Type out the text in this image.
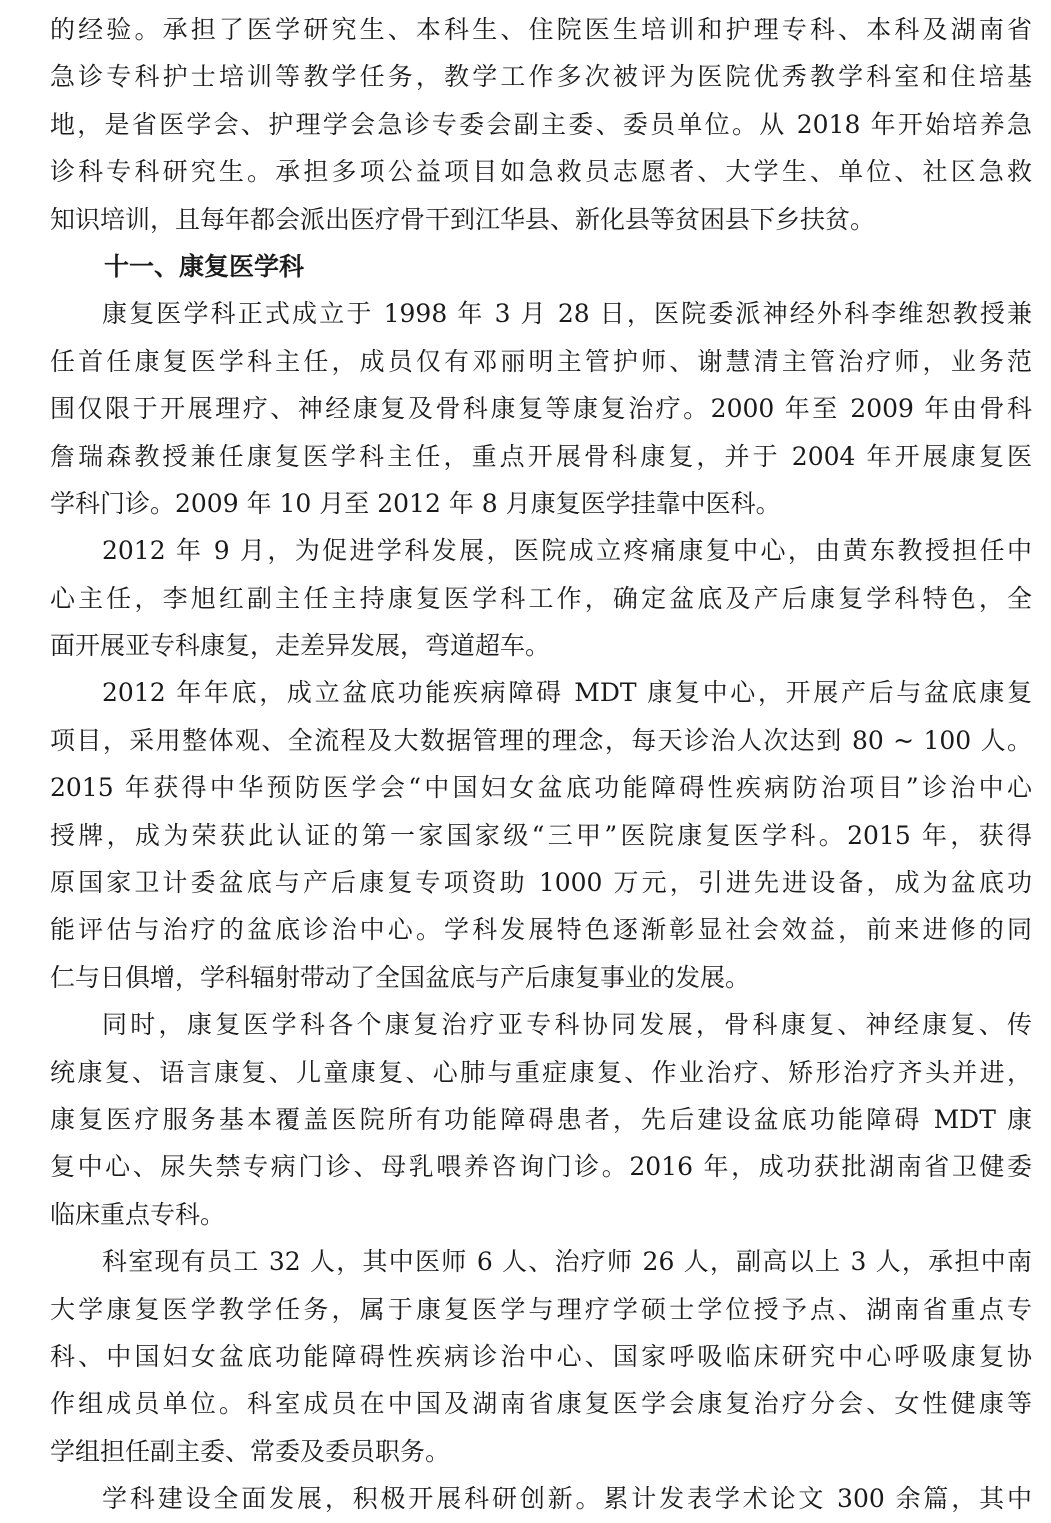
的经验。承担了医学研究生、本科生、住院医生培训和护理专科、本科及湖南省
急诊专科护士培训等教学任务，教学工作多次被评为医院优秀教学科室和住培基
地，是省医学会、护理学会急诊专委会副主委、委员单位。从 2018 年开始培养急
诊科专科研究生。承担多项公益项目如急救员志愿者、大学生、单位、社区急救
知识培训，且每年都会派出医疗骨干到江华县、新化县等贫困县下乡扶贫。
十一、康复医学科
康复医学科正式成立于 1998 年 3 月 28 日，医院委派神经外科李维恕教授兼
任首任康复医学科主任，成员仅有邓丽明主管护师、谢慧清主管治疗师，业务范
围仅限于开展理疗、神经康复及骨科康复等康复治疗。2000 年至 2009 年由骨科
詹瑞森教授兼任康复医学科主任，重点开展骨科康复，并于 2004 年开展康复医
学科门诊。2009 年 10 月至 2012 年 8 月康复医学挂靠中医科。
2012 年 9 月，为促进学科发展，医院成立疼痛康复中心，由黄东教授担任中
心主任，李旭红副主任主持康复医学科工作，确定盆底及产后康复学科特色，全
面开展亚专科康复，走差异发展，弯道超车。
2012 年年底，成立盆底功能疾病障碍 MDT 康复中心，开展产后与盆底康复
项目，采用整体观、全流程及大数据管理的理念，每天诊治人次达到 80 ~ 100 人。
2015 年获得中华预防医学会“中国妇女盆底功能障碍性疾病防治项目”诊治中心
授牌，成为荣获此认证的第一家国家级“三甲”医院康复医学科。2015 年，获得
原国家卫计委盆底与产后康复专项资助 1000 万元，引进先进设备，成为盆底功
能评估与治疗的盆底诊治中心。学科发展特色逐渐彰显社会效益，前来进修的同
仁与日俱增，学科辐射带动了全国盆底与产后康复事业的发展。
同时，康复医学科各个康复治疗亚专科协同发展，骨科康复、神经康复、传
统康复、语言康复、儿童康复、心肺与重症康复、作业治疗、矫形治疗齐头并进，
康复医疗服务基本覆盖医院所有功能障碍患者，先后建设盆底功能障碍 MDT 康
复中心、尿失禁专病门诊、母乳喂养咨询门诊。2016 年，成功获批湖南省卫健委
临床重点专科。
科室现有员工 32 人，其中医师 6 人、治疗师 26 人，副高以上 3 人，承担中南
大学康复医学教学任务，属于康复医学与理疗学硕士学位授予点、湖南省重点专
科、中国妇女盆底功能障碍性疾病诊治中心、国家呼吸临床研究中心呼吸康复协
作组成员单位。科室成员在中国及湖南省康复医学会康复治疗分会、女性健康等
学组担任副主委、常委及委员职务。
学科建设全面发展，积极开展科研创新。累计发表学术论文 300 余篇，其中
